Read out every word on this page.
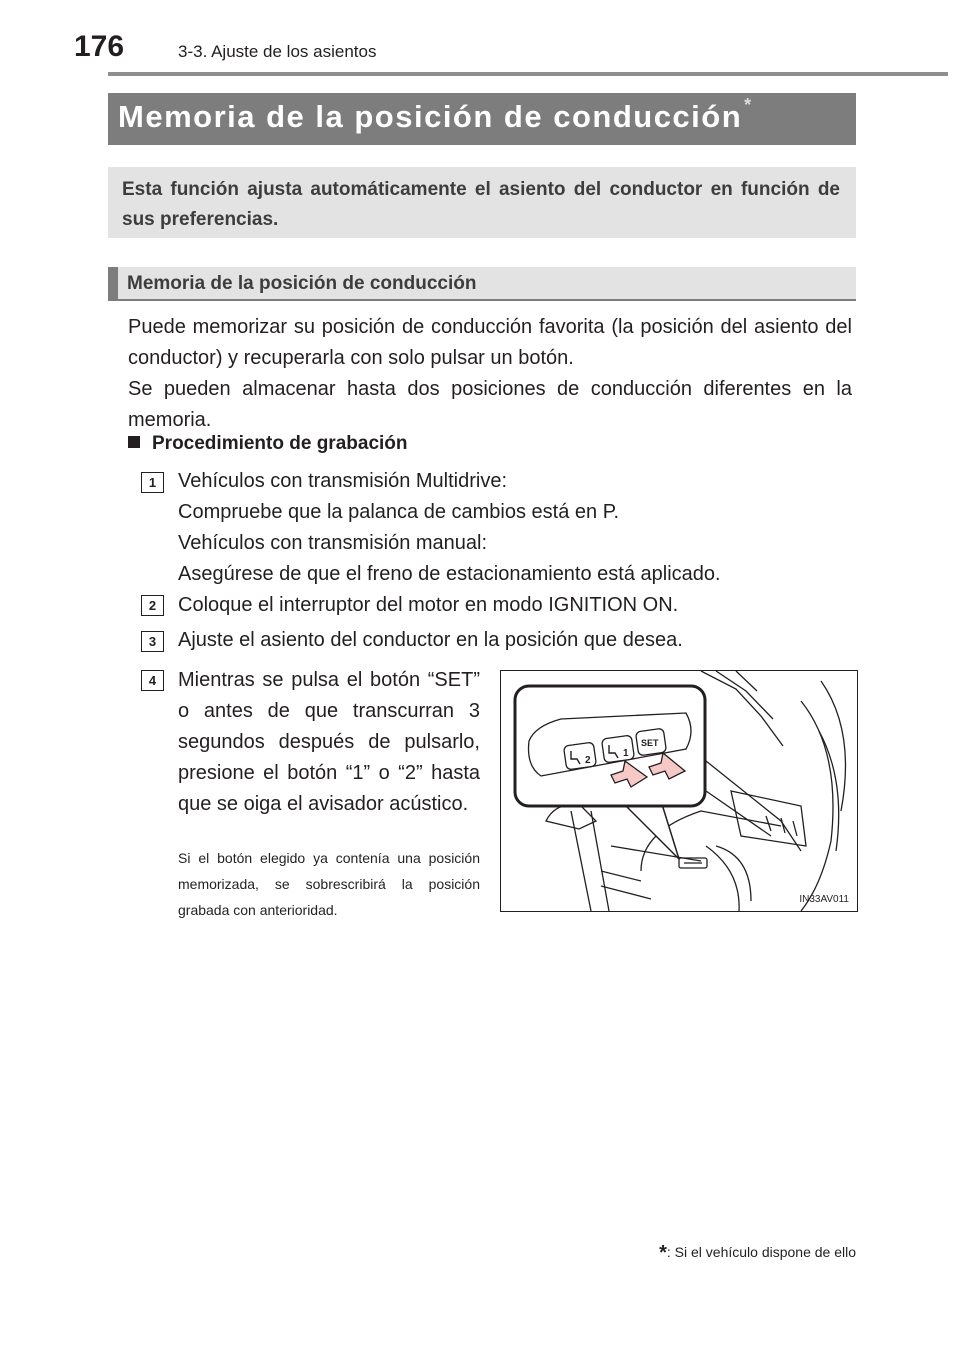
176	3-3. Ajuste de los asientos
Memoria de la posición de conducción *
Esta función ajusta automáticamente el asiento del conductor en función de sus preferencias.
Memoria de la posición de conducción
Puede memorizar su posición de conducción favorita (la posición del asiento del conductor) y recuperarla con solo pulsar un botón.
Se pueden almacenar hasta dos posiciones de conducción diferentes en la memoria.
Procedimiento de grabación
1	Vehículos con transmisión Multidrive:
Compruebe que la palanca de cambios está en P.
Vehículos con transmisión manual:
Asegúrese de que el freno de estacionamiento está aplicado.
2	Coloque el interruptor del motor en modo IGNITION ON.
3	Ajuste el asiento del conductor en la posición que desea.
4	Mientras se pulsa el botón “SET” o antes de que transcurran 3 segundos después de pulsarlo, presione el botón “1” o “2” hasta que se oiga el avisador acústico.
Si el botón elegido ya contenía una posición memorizada, se sobrescribirá la posición grabada con anterioridad.
2
1
SET
IN33AV011
*: Si el vehículo dispone de ello
